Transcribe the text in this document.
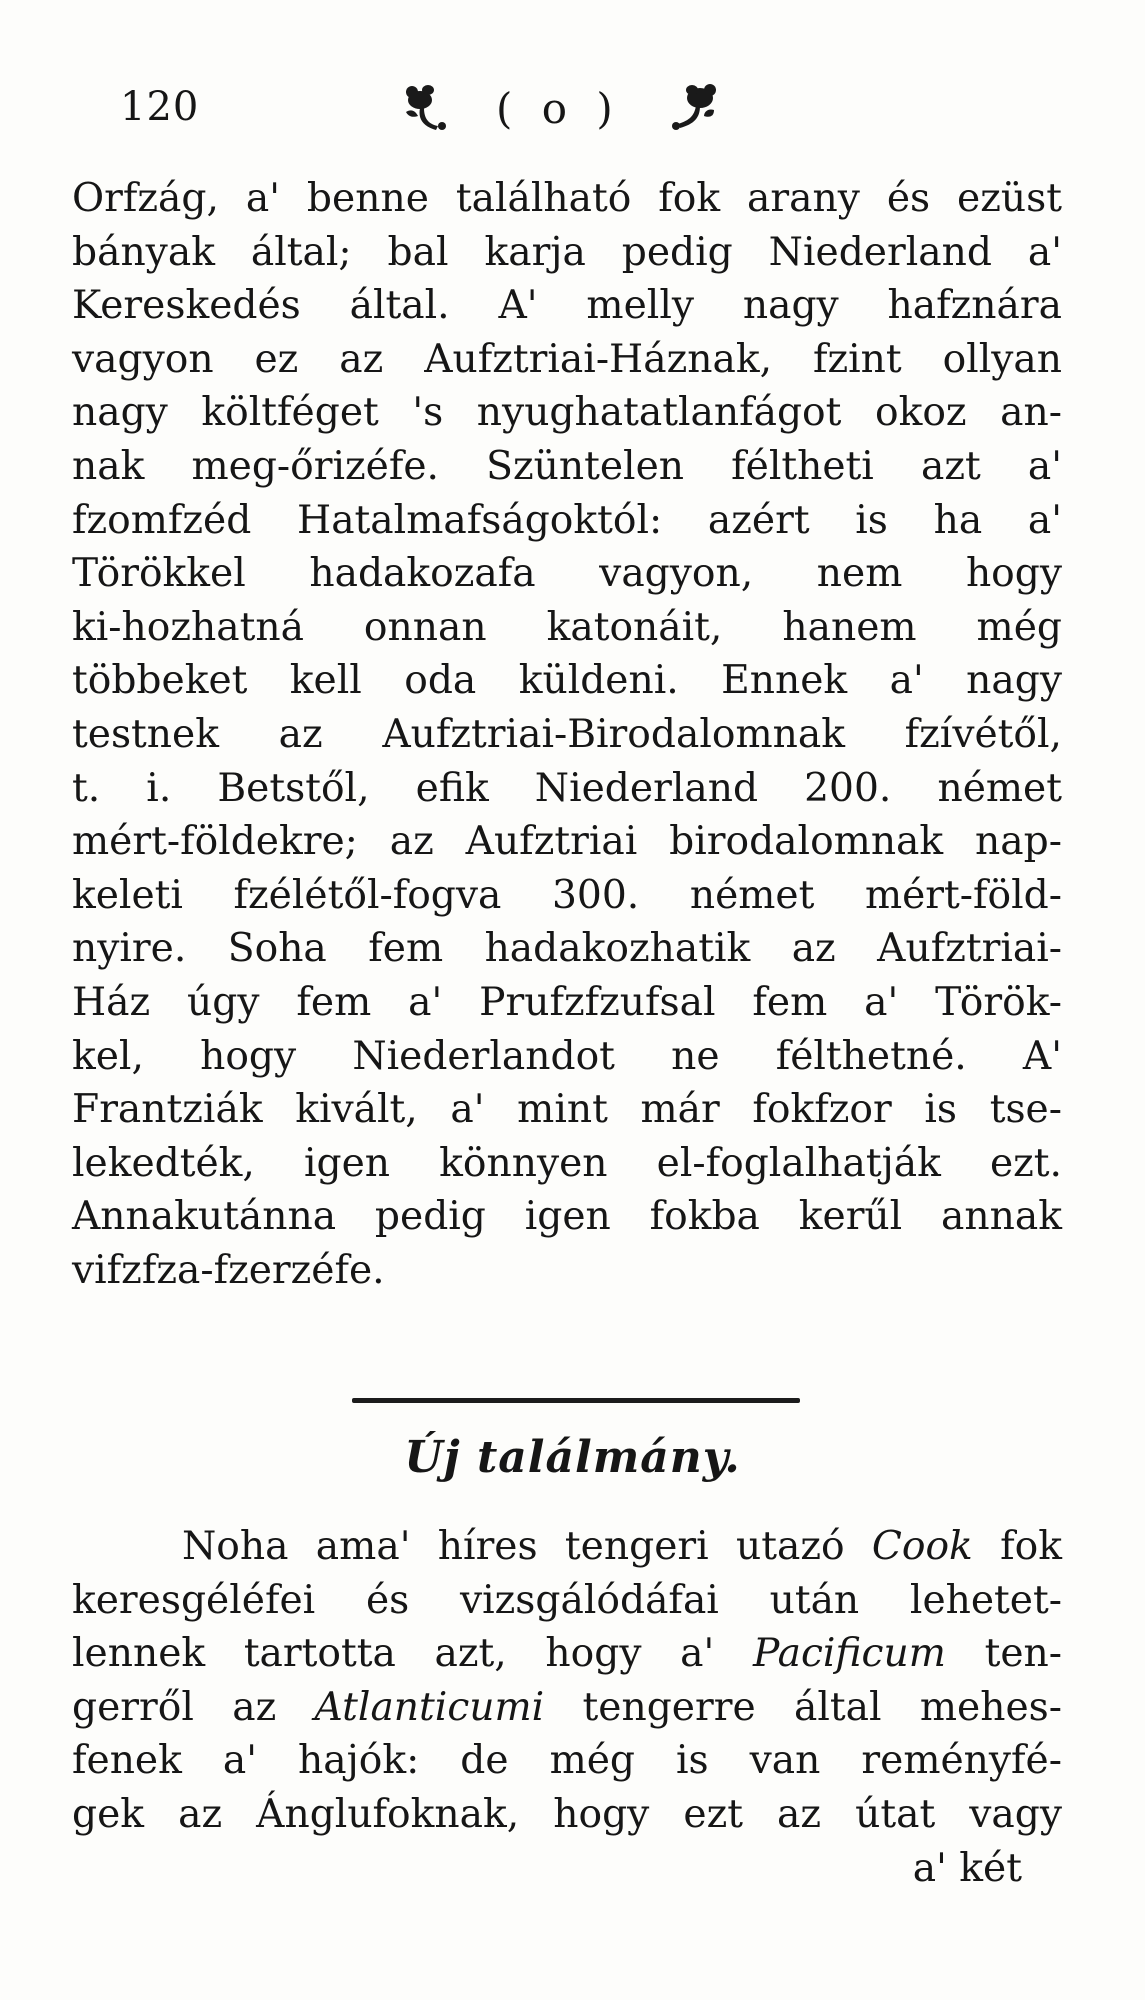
120	( o )
Orfzág, a' benne található fok arany és ezüst
bányak által; bal karja pedig Niederland a'
Kereskedés által. A' melly nagy hafznára
vagyon ez az Aufztriai-Háznak, fzint ollyan
nagy költféget 's nyughatatlanfágot okoz an-
nak meg-őrizéfe. Szüntelen féltheti azt a'
fzomfzéd Hatalmafságoktól: azért is ha a'
Törökkel hadakozafa vagyon, nem hogy
ki-hozhatná onnan katonáit, hanem még
többeket kell oda küldeni. Ennek a' nagy
testnek az Aufztriai-Birodalomnak fzívétől,
t. i. Betstől, efik Niederland 200. német
mért-földekre; az Aufztriai birodalomnak nap-
keleti fzélétől-fogva 300. német mért-föld-
nyire. Soha fem hadakozhatik az Aufztriai-
Ház úgy fem a' Prufzfzufsal fem a' Török-
kel, hogy Niederlandot ne félthetné. A'
Frantziák kivált, a' mint már fokfzor is tse-
lekedték, igen könnyen el-foglalhatják ezt.
Annakutánna pedig igen fokba kerűl annak
vifzfza-fzerzéfe.
Új találmány.
Noha ama' híres tengeri utazó Cook fok
keresgéléfei és vizsgálódáfai után lehetet-
lennek tartotta azt, hogy a' Pacificum ten-
gerről az Atlanticumi tengerre által mehes-
fenek a' hajók: de még is van reményfé-
gek az Ánglufoknak, hogy ezt az útat vagy
a' két
